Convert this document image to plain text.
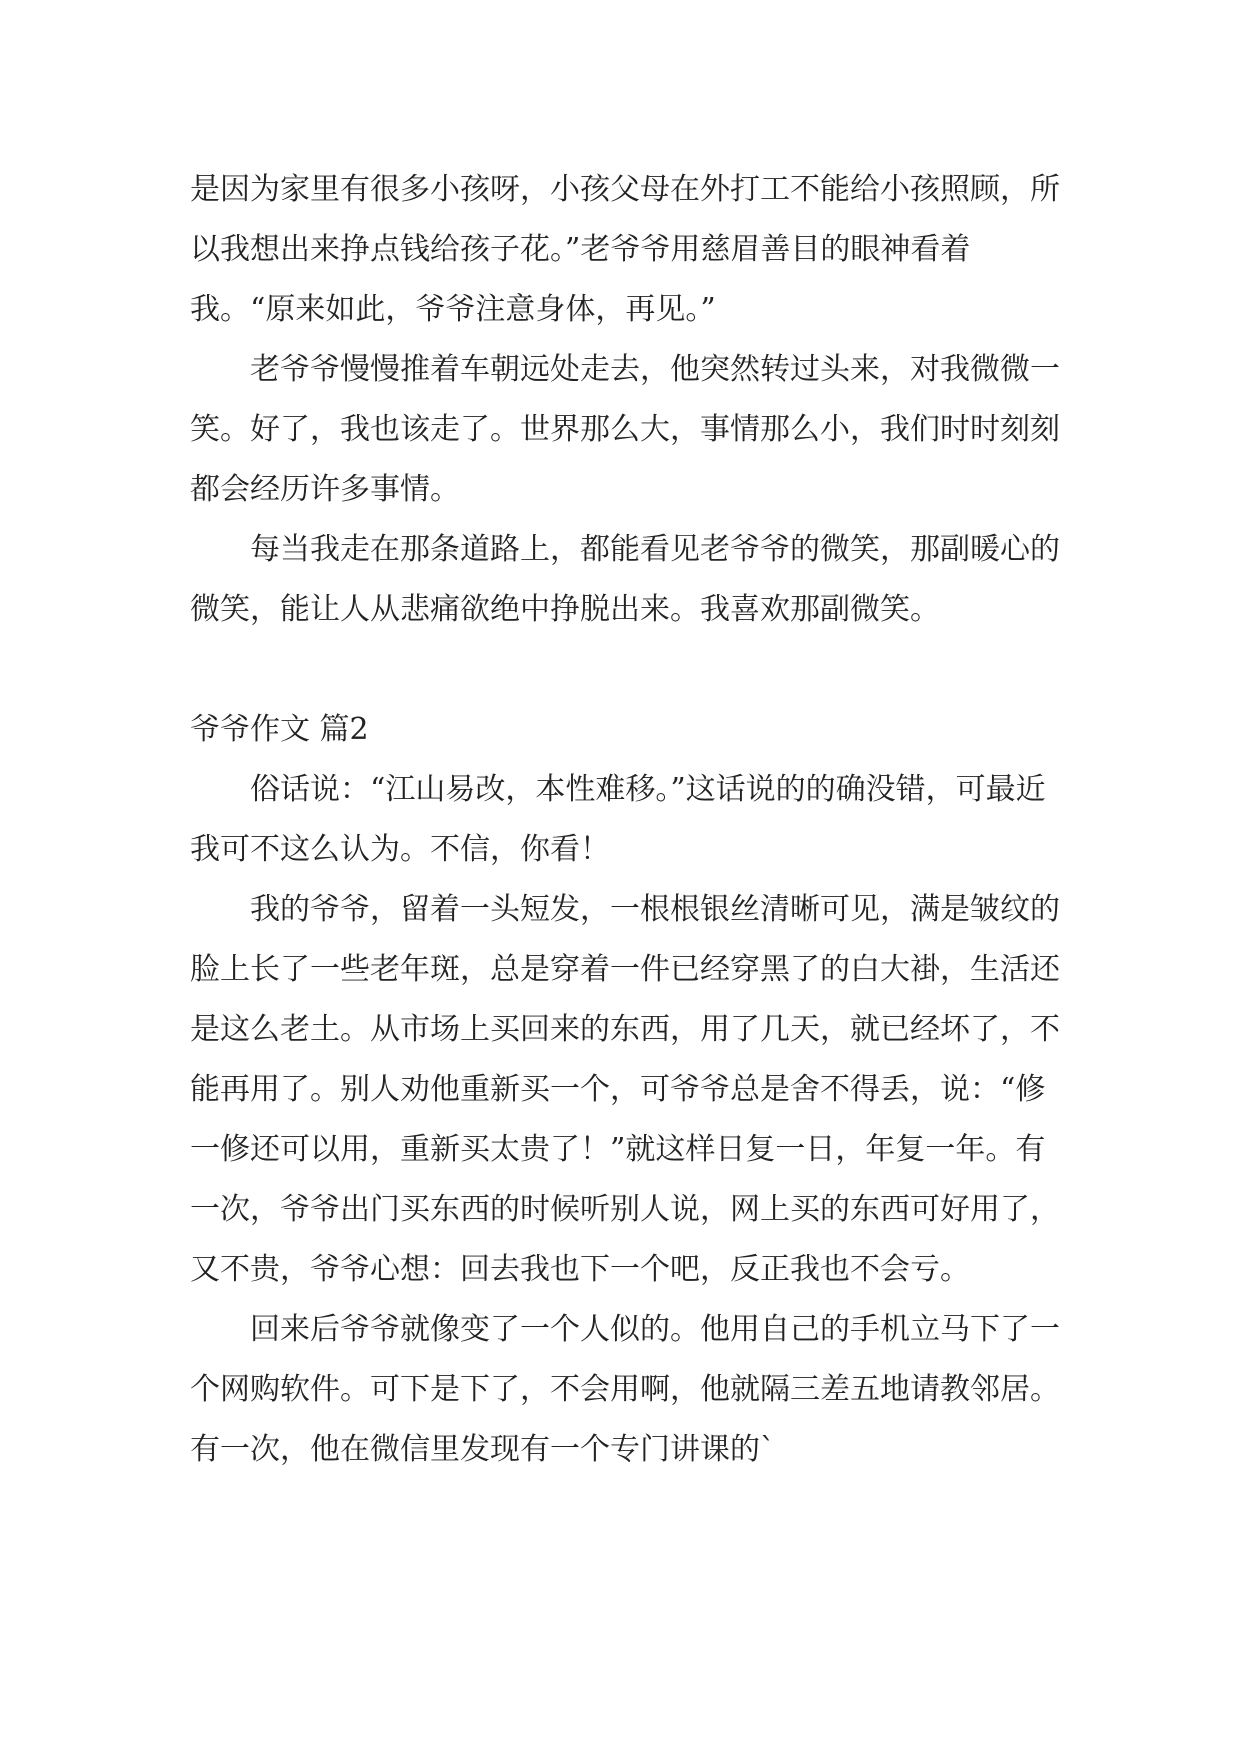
是因为家里有很多小孩呀，小孩父母在外打工不能给小孩照顾，所以我想出来挣点钱给孩子花。”老爷爷用慈眉善目的眼神看着我。“原来如此，爷爷注意身体，再见。”

老爷爷慢慢推着车朝远处走去，他突然转过头来，对我微微一笑。好了，我也该走了。世界那么大，事情那么小，我们时时刻刻都会经历许多事情。

每当我走在那条道路上，都能看见老爷爷的微笑，那副暖心的微笑，能让人从悲痛欲绝中挣脱出来。我喜欢那副微笑。

爷爷作文 篇2

俗话说：“江山易改，本性难移。”这话说的的确没错，可最近我可不这么认为。不信，你看！

我的爷爷，留着一头短发，一根根银丝清晰可见，满是皱纹的脸上长了一些老年斑，总是穿着一件已经穿黑了的白大褂，生活还是这么老土。从市场上买回来的东西，用了几天，就已经坏了，不能再用了。别人劝他重新买一个，可爷爷总是舍不得丢，说：“修一修还可以用，重新买太贵了！”就这样日复一日，年复一年。有一次，爷爷出门买东西的时候听别人说，网上买的东西可好用了，又不贵，爷爷心想：回去我也下一个吧，反正我也不会亏。

回来后爷爷就像变了一个人似的。他用自己的手机立马下了一个网购软件。可下是下了，不会用啊，他就隔三差五地请教邻居。有一次，他在微信里发现有一个专门讲课的`
